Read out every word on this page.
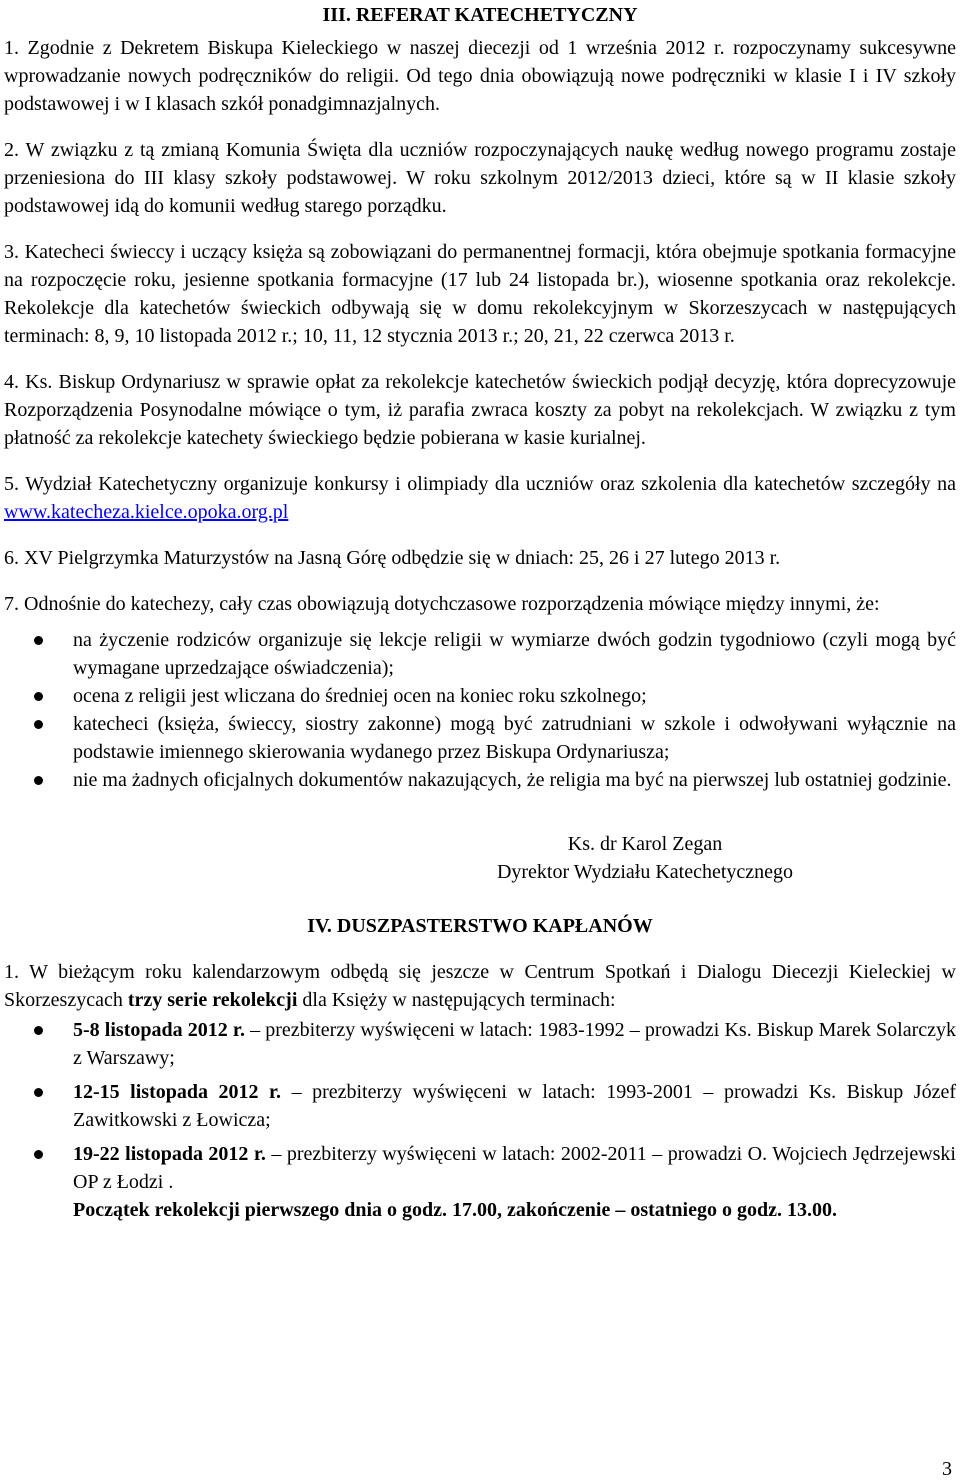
III. REFERAT KATECHETYCZNY

1. Zgodnie z Dekretem Biskupa Kieleckiego w naszej diecezji od 1 września 2012 r. rozpoczynamy sukcesywne wprowadzanie nowych podręczników do religii. Od tego dnia obowiązują nowe podręczniki w klasie I i IV szkoły podstawowej i w I klasach szkół ponadgimnazjalnych.

2. W związku z tą zmianą Komunia Święta dla uczniów rozpoczynających naukę według nowego programu zostaje przeniesiona do III klasy szkoły podstawowej. W roku szkolnym 2012/2013 dzieci, które są w II klasie szkoły podstawowej idą do komunii według starego porządku.

3. Katecheci świeccy i uczący księża są zobowiązani do permanentnej formacji, która obejmuje spotkania formacyjne na rozpoczęcie roku, jesienne spotkania formacyjne (17 lub 24 listopada br.), wiosenne spotkania oraz rekolekcje. Rekolekcje dla katechetów świeckich odbywają się w domu rekolekcyjnym w Skorzeszycach w następujących terminach: 8, 9, 10 listopada 2012 r.; 10, 11, 12 stycznia 2013 r.; 20, 21, 22 czerwca 2013 r.

4. Ks. Biskup Ordynariusz w sprawie opłat za rekolekcje katechetów świeckich podjął decyzję, która doprecyzowuje Rozporządzenia Posynodalne mówiące o tym, iż parafia zwraca koszty za pobyt na rekolekcjach. W związku z tym płatność za rekolekcje katechety świeckiego będzie pobierana w kasie kurialnej.

5. Wydział Katechetyczny organizuje konkursy i olimpiady dla uczniów oraz szkolenia dla katechetów szczegóły na www.katecheza.kielce.opoka.org.pl

6. XV Pielgrzymka Maturzystów na Jasną Górę odbędzie się w dniach: 25, 26 i 27 lutego 2013 r.

7. Odnośnie do katechezy, cały czas obowiązują dotychczasowe rozporządzenia mówiące między innymi, że:

na życzenie rodziców organizuje się lekcje religii w wymiarze dwóch godzin tygodniowo (czyli mogą być wymagane uprzedzające oświadczenia);
ocena z religii jest wliczana do średniej ocen na koniec roku szkolnego;
katecheci (księża, świeccy, siostry zakonne) mogą być zatrudniani w szkole i odwoływani wyłącznie na podstawie imiennego skierowania wydanego przez Biskupa Ordynariusza;
nie ma żadnych oficjalnych dokumentów nakazujących, że religia ma być na pierwszej lub ostatniej godzinie.
Ks. dr Karol Zegan
Dyrektor Wydziału Katechetycznego
IV. DUSZPASTERSTWO KAPŁANÓW

1. W bieżącym roku kalendarzowym odbędą się jeszcze w Centrum Spotkań i Dialogu Diecezji Kieleckiej w Skorzeszycach trzy serie rekolekcji dla Księży w następujących terminach:

5-8 listopada 2012 r. – prezbiterzy wyświęceni w latach: 1983-1992 – prowadzi Ks. Biskup Marek Solarczyk z Warszawy;
12-15 listopada 2012 r. – prezbiterzy wyświęceni w latach: 1993-2001 – prowadzi Ks. Biskup Józef Zawitkowski z Łowicza;
19-22 listopada 2012 r. – prezbiterzy wyświęceni w latach: 2002-2011 – prowadzi O. Wojciech Jędrzejewski OP z Łodzi .
Początek rekolekcji pierwszego dnia o godz. 17.00, zakończenie – ostatniego o godz. 13.00.
3
